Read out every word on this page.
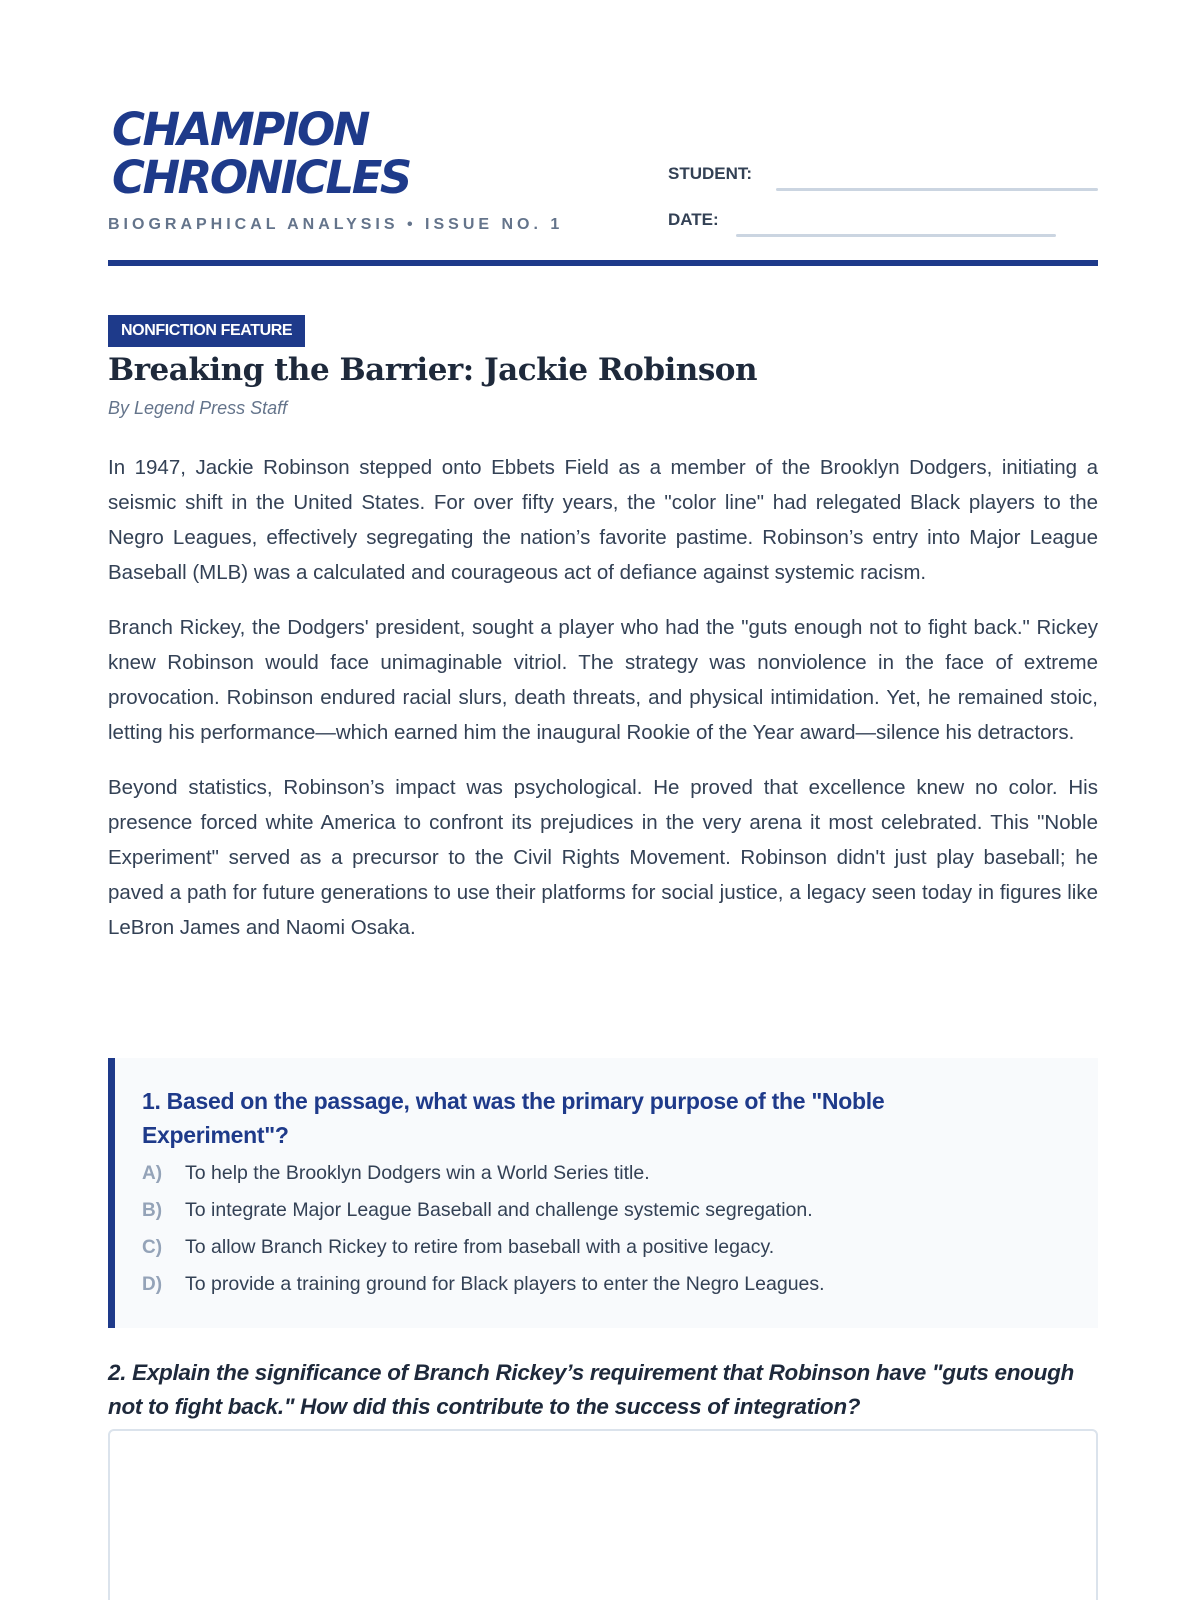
CHAMPION
CHRONICLES
BIOGRAPHICAL ANALYSIS • ISSUE NO. 1
STUDENT:
DATE:
NONFICTION FEATURE
Breaking the Barrier: Jackie Robinson
By Legend Press Staff

In 1947, Jackie Robinson stepped onto Ebbets Field as a member of the Brooklyn Dodgers, initiating a seismic shift in the United States. For over fifty years, the "color line" had relegated Black players to the Negro Leagues, effectively segregating the nation’s favorite pastime. Robinson’s entry into Major League Baseball (MLB) was a calculated and courageous act of defiance against systemic racism.

Branch Rickey, the Dodgers' president, sought a player who had the "guts enough not to fight back." Rickey knew Robinson would face unimaginable vitriol. The strategy was nonviolence in the face of extreme provocation. Robinson endured racial slurs, death threats, and physical intimidation. Yet, he remained stoic, letting his performance—which earned him the inaugural Rookie of the Year award—silence his detractors.

Beyond statistics, Robinson’s impact was psychological. He proved that excellence knew no color. His presence forced white America to confront its prejudices in the very arena it most celebrated. This "Noble Experiment" served as a precursor to the Civil Rights Movement. Robinson didn't just play baseball; he paved a path for future generations to use their platforms for social justice, a legacy seen today in figures like LeBron James and Naomi Osaka.

1. Based on the passage, what was the primary purpose of the "Noble Experiment"?
A)	To help the Brooklyn Dodgers win a World Series title.
B)	To integrate Major League Baseball and challenge systemic segregation.
C)	To allow Branch Rickey to retire from baseball with a positive legacy.
D)	To provide a training ground for Black players to enter the Negro Leagues.
2. Explain the significance of Branch Rickey’s requirement that Robinson have "guts enough not to fight back." How did this contribute to the success of integration?
